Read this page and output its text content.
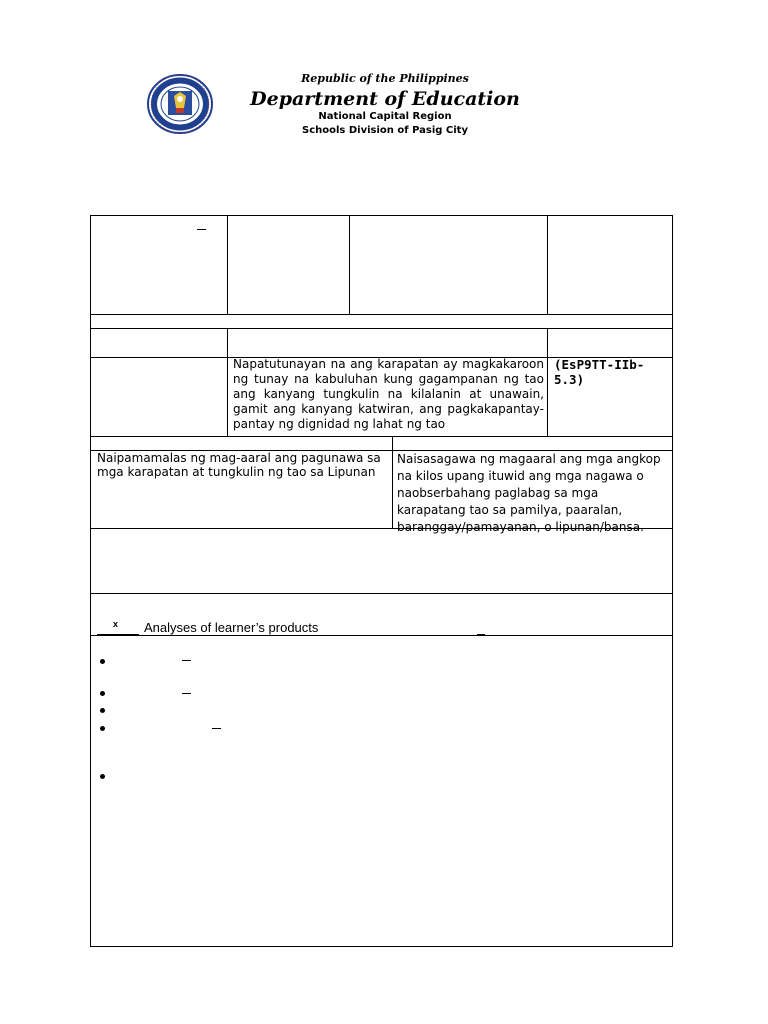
Republic of the Philippines
Department of Education
National Capital Region
Schools Division of Pasig City
Napatutunayan na ang karapatan ay magkakaroon ng tunay na kabuluhan kung gagampanan ng tao ang kanyang tungkulin na kilalanin at unawain, gamit ang kanyang katwiran, ang pagkakapantay-pantay ng dignidad ng lahat ng tao
(EsP9TT-IIb-5.3)
Naipamamalas ng mag-aaral ang pagunawa sa mga karapatan at tungkulin ng tao sa Lipunan
Naisasagawa ng magaaral ang mga angkop na kilos upang ituwid ang mga nagawa o naobserbahang paglabag sa mga karapatang tao sa pamilya, paaralan, baranggay/pamayanan, o lipunan/bansa.
x Analyses of learner’s products
